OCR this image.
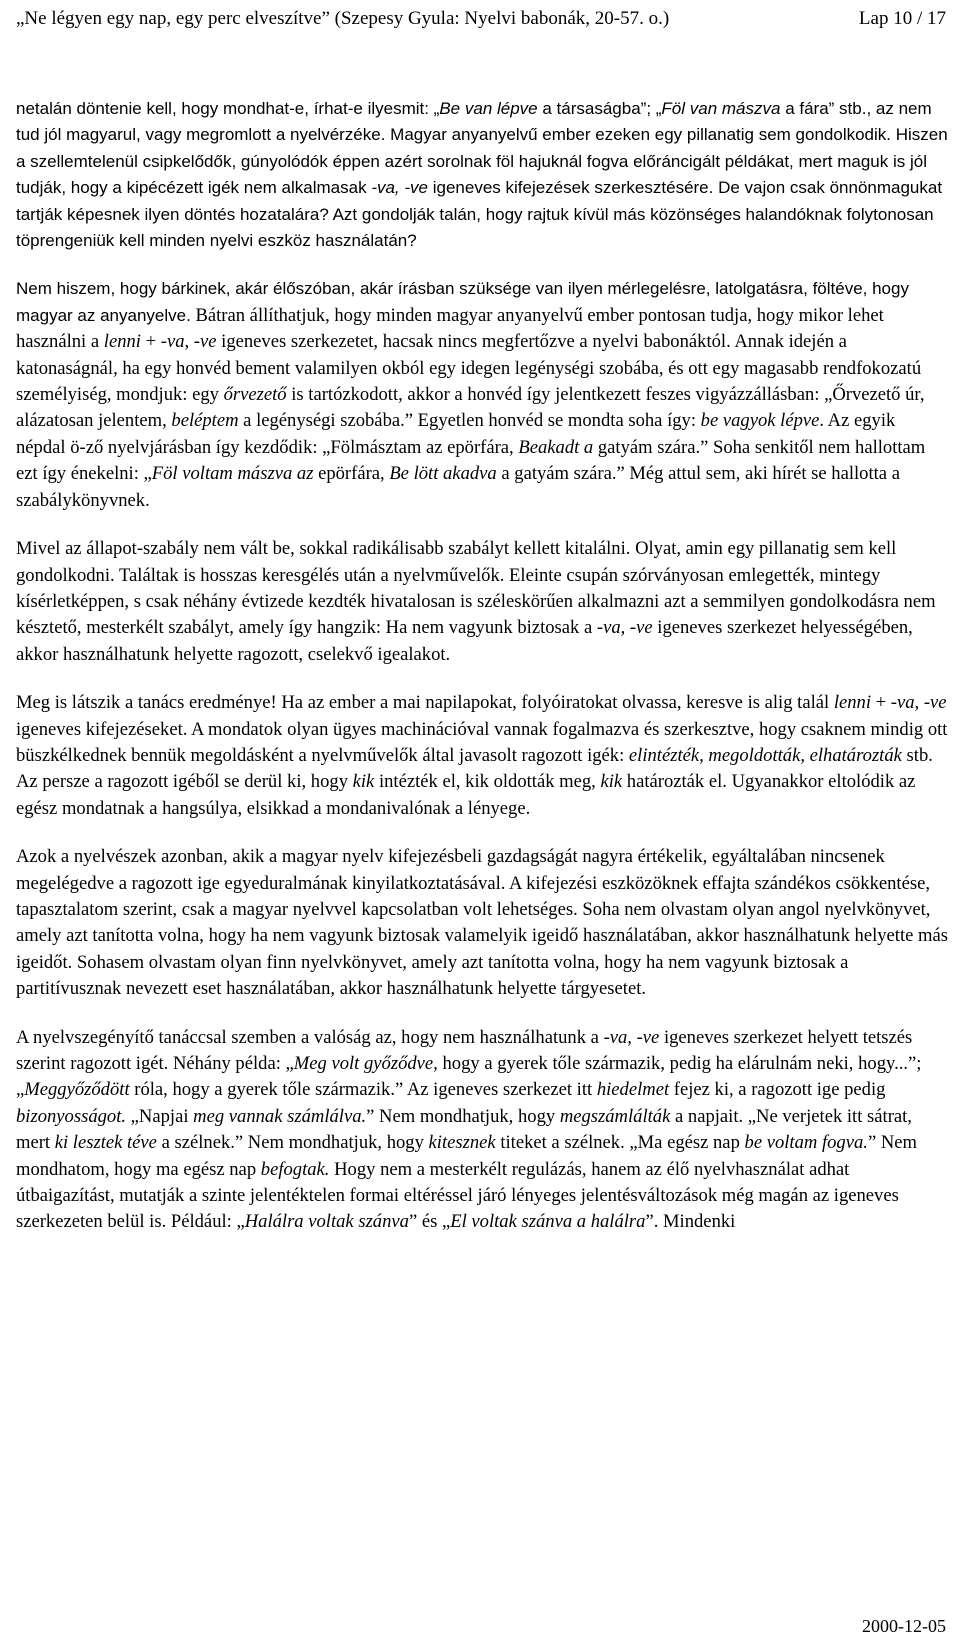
„Ne légyen egy nap, egy perc elveszítve” (Szepesy Gyula: Nyelvi babonák, 20-57. o.)	Lap 10 / 17

netalán döntenie kell, hogy mondhat-e, írhat-e ilyesmit: „Be van lépve a társaságba”; „Föl van mászva a fára” stb., az nem tud jól magyarul, vagy megromlott a nyelvérzéke. Magyar anyanyelvű ember ezeken egy pillanatig sem gondolkodik. Hiszen a szellemtelenül csipkelődők, gúnyolódók éppen azért sorolnak föl hajuknál fogva előráncigált példákat, mert maguk is jól tudják, hogy a kipécézett igék nem alkalmasak -va, -ve igeneves kifejezések szerkesztésére. De vajon csak önnönmagukat tartják képesnek ilyen döntés hozatalára? Azt gondolják talán, hogy rajtuk kívül más közönséges halandóknak folytonosan töprengeniük kell minden nyelvi eszköz használatán?

Nem hiszem, hogy bárkinek, akár élőszóban, akár írásban szüksége van ilyen mérlegelésre, latolgatásra, föltéve, hogy magyar az anyanyelve. Bátran állíthatjuk, hogy minden magyar anyanyelvű ember pontosan tudja, hogy mikor lehet használni a lenni + -va, -ve igeneves szerkezetet, hacsak nincs megfertőzve a nyelvi babonáktól. Annak idején a katonaságnál, ha egy honvéd bement valamilyen okból egy idegen legénységi szobába, és ott egy magasabb rendfokozatú személyiség, mondjuk: egy őrvezető is tartózkodott, akkor a honvéd így jelentkezett feszes vigyázzállásban: „Őrvezető úr, alázatosan jelentem, beléptem a legénységi szobába.” Egyetlen honvéd se mondta soha így: be vagyok lépve. Az egyik népdal ö-ző nyelvjárásban így kezdődik: „Fölmásztam az epörfára, Beakadt a gatyám szára.” Soha senkitől nem hallottam ezt így énekelni: „Föl voltam mászva az epörfára, Be lött akadva a gatyám szára.” Még attul sem, aki hírét se hallotta a szabálykönyvnek.

Mivel az állapot-szabály nem vált be, sokkal radikálisabb szabályt kellett kitalálni. Olyat, amin egy pillanatig sem kell gondolkodni. Találtak is hosszas keresgélés után a nyelvművelők. Eleinte csupán szórványosan emlegették, mintegy kísérletképpen, s csak néhány évtizede kezdték hivatalosan is széleskörűen alkalmazni azt a semmilyen gondolkodásra nem késztető, mesterkélt szabályt, amely így hangzik: Ha nem vagyunk biztosak a -va, -ve igeneves szerkezet helyességében, akkor használhatunk helyette ragozott, cselekvő igealakot.

Meg is látszik a tanács eredménye! Ha az ember a mai napilapokat, folyóiratokat olvassa, keresve is alig talál lenni + -va, -ve igeneves kifejezéseket. A mondatok olyan ügyes machinációval vannak fogalmazva és szerkesztve, hogy csaknem mindig ott büszkélkednek bennük megoldásként a nyelvművelők által javasolt ragozott igék: elintézték, megoldották, elhatározták stb. Az persze a ragozott igéből se derül ki, hogy kik intézték el, kik oldották meg, kik határozták el. Ugyanakkor eltolódik az egész mondatnak a hangsúlya, elsikkad a mondanivalónak a lényege.

Azok a nyelvészek azonban, akik a magyar nyelv kifejezésbeli gazdagságát nagyra értékelik, egyáltalában nincsenek megelégedve a ragozott ige egyeduralmának kinyilatkoztatásával. A kifejezési eszközöknek effajta szándékos csökkentése, tapasztalatom szerint, csak a magyar nyelvvel kapcsolatban volt lehetséges. Soha nem olvastam olyan angol nyelvkönyvet, amely azt tanította volna, hogy ha nem vagyunk biztosak valamelyik igeidő használatában, akkor használhatunk helyette más igeidőt. Sohasem olvastam olyan finn nyelvkönyvet, amely azt tanította volna, hogy ha nem vagyunk biztosak a partitívusznak nevezett eset használatában, akkor használhatunk helyette tárgyesetet.

A nyelvszegényítő tanáccsal szemben a valóság az, hogy nem használhatunk a -va, -ve igeneves szerkezet helyett tetszés szerint ragozott igét. Néhány példa: „Meg volt győződve, hogy a gyerek tőle származik, pedig ha elárulnám neki, hogy...”; „Meggyőződött róla, hogy a gyerek tőle származik.” Az igeneves szerkezet itt hiedelmet fejez ki, a ragozott ige pedig bizonyosságot. „Napjai meg vannak számlálva.” Nem mondhatjuk, hogy megszámlálták a napjait. „Ne verjetek itt sátrat, mert ki lesztek téve a szélnek.” Nem mondhatjuk, hogy kitesznek titeket a szélnek. „Ma egész nap be voltam fogva.” Nem mondhatom, hogy ma egész nap befogtak. Hogy nem a mesterkélt regulázás, hanem az élő nyelvhasználat adhat útbaigazítást, mutatják a szinte jelentéktelen formai eltéréssel járó lényeges jelentésváltozások még magán az igeneves szerkezeten belül is. Például: „Halálra voltak szánva” és „El voltak szánva a halálra”. Mindenki

2000-12-05
